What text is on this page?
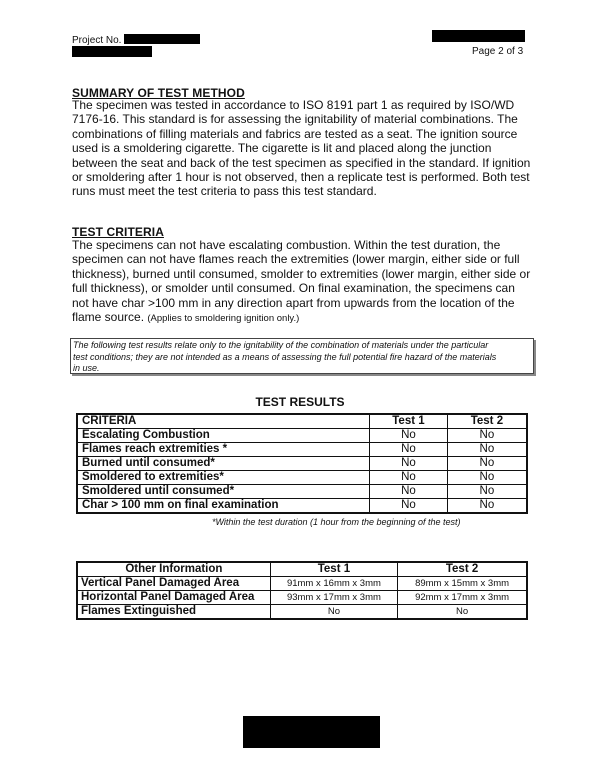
Project No.
Page 2 of 3
SUMMARY OF TEST METHOD
The specimen was tested in accordance to ISO 8191 part 1 as required by ISO/WD
7176-16. This standard is for assessing the ignitability of material combinations. The
combinations of filling materials and fabrics are tested as a seat. The ignition source
used is a smoldering cigarette. The cigarette is lit and placed along the junction
between the seat and back of the test specimen as specified in the standard. If ignition
or smoldering after 1 hour is not observed, then a replicate test is performed. Both test
runs must meet the test criteria to pass this test standard.
TEST CRITERIA
The specimens can not have escalating combustion. Within the test duration, the
specimen can not have flames reach the extremities (lower margin, either side or full
thickness), burned until consumed, smolder to extremities (lower margin, either side or
full thickness), or smolder until consumed. On final examination, the specimens can
not have char >100 mm in any direction apart from upwards from the location of the
flame source. (Applies to smoldering ignition only.)
The following test results relate only to the ignitability of the combination of materials under the particular
test conditions; they are not intended as a means of assessing the full potential fire hazard of the materials
in use.
TEST RESULTS
CRITERIA	Test 1	Test 2
Escalating Combustion	No	No
Flames reach extremities *	No	No
Burned until consumed*	No	No
Smoldered to extremities*	No	No
Smoldered until consumed*	No	No
Char > 100 mm on final examination	No	No
*Within the test duration (1 hour from the beginning of the test)
Other Information	Test 1	Test 2
Vertical Panel Damaged Area	91mm x 16mm x 3mm	89mm x 15mm x 3mm
Horizontal Panel Damaged Area	93mm x 17mm x 3mm	92mm x 17mm x 3mm
Flames Extinguished	No	No
